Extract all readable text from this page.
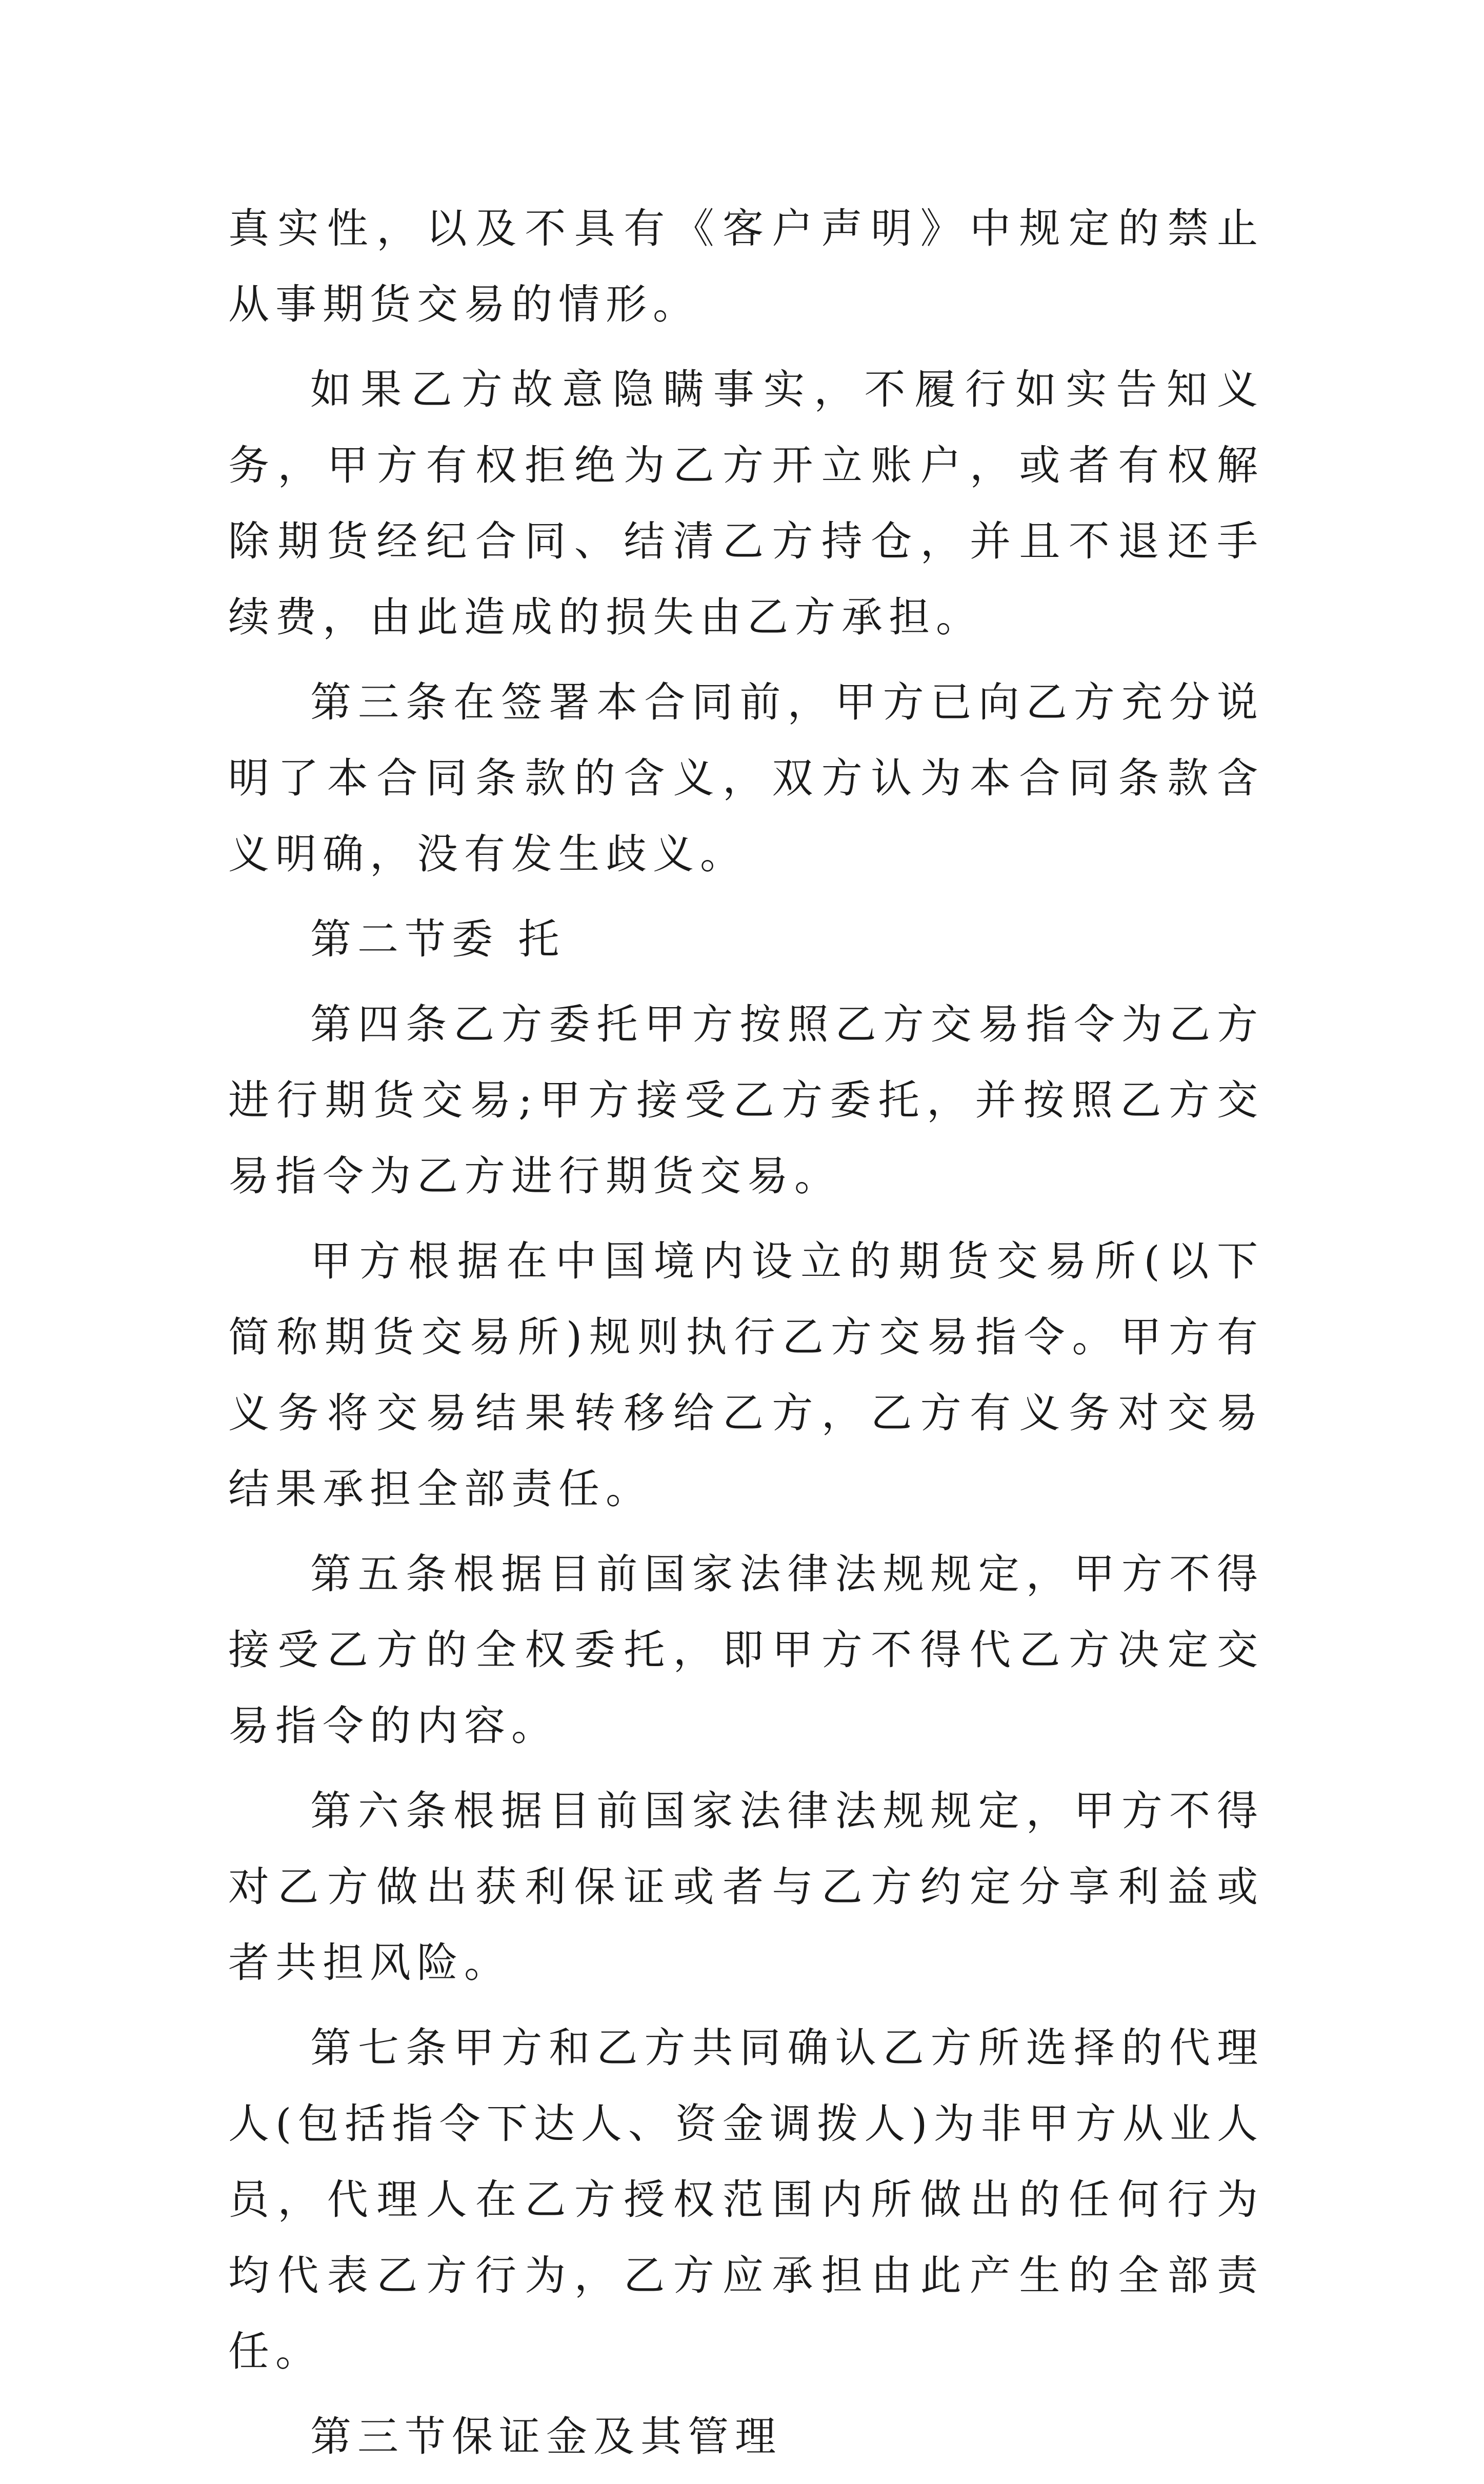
真实性，以及不具有《客户声明》中规定的禁止从事期货交易的情形。

如果乙方故意隐瞒事实，不履行如实告知义务，甲方有权拒绝为乙方开立账户，或者有权解除期货经纪合同、结清乙方持仓，并且不退还手续费，由此造成的损失由乙方承担。

第三条在签署本合同前，甲方已向乙方充分说明了本合同条款的含义，双方认为本合同条款含义明确，没有发生歧义。

第二节委 托

第四条乙方委托甲方按照乙方交易指令为乙方进行期货交易;甲方接受乙方委托，并按照乙方交易指令为乙方进行期货交易。

甲方根据在中国境内设立的期货交易所(以下简称期货交易所)规则执行乙方交易指令。甲方有义务将交易结果转移给乙方，乙方有义务对交易结果承担全部责任。

第五条根据目前国家法律法规规定，甲方不得接受乙方的全权委托，即甲方不得代乙方决定交易指令的内容。

第六条根据目前国家法律法规规定，甲方不得对乙方做出获利保证或者与乙方约定分享利益或者共担风险。

第七条甲方和乙方共同确认乙方所选择的代理人(包括指令下达人、资金调拨人)为非甲方从业人员，代理人在乙方授权范围内所做出的任何行为均代表乙方行为，乙方应承担由此产生的全部责任。

第三节保证金及其管理
